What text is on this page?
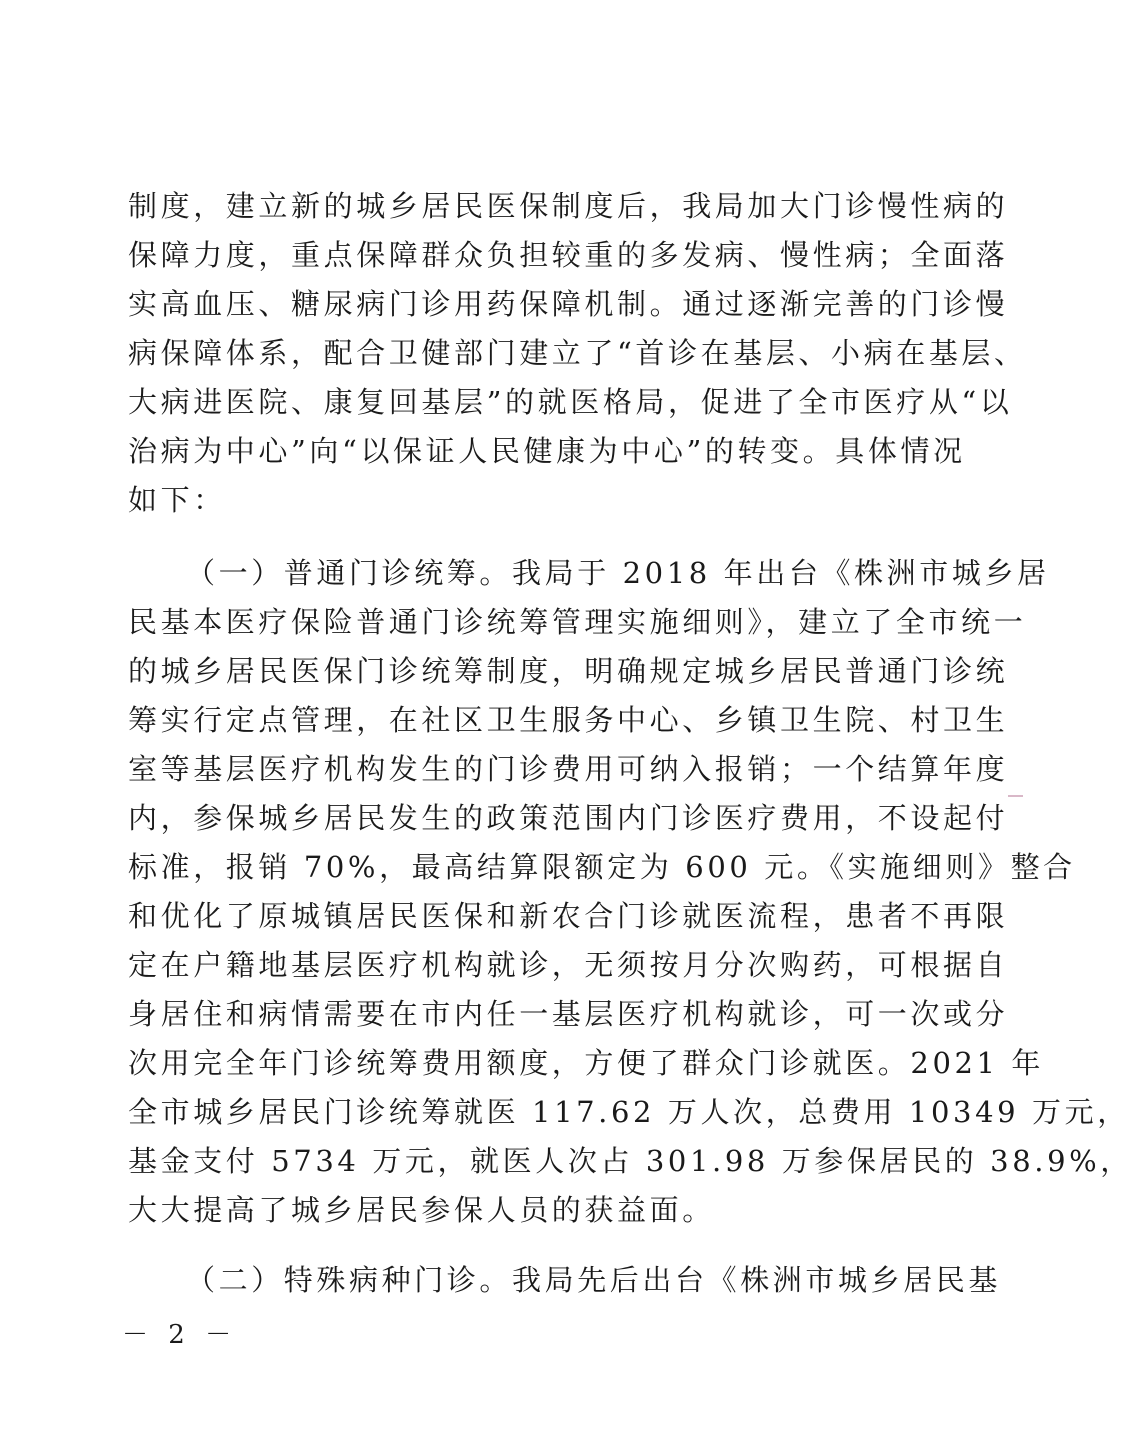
制度，建立新的城乡居民医保制度后，我局加大门诊慢性病的
保障力度，重点保障群众负担较重的多发病、慢性病；全面落
实高血压、糖尿病门诊用药保障机制。通过逐渐完善的门诊慢
病保障体系，配合卫健部门建立了“首诊在基层、小病在基层、
大病进医院、康复回基层”的就医格局，促进了全市医疗从“以
治病为中心”向“以保证人民健康为中心”的转变。具体情况
如下：
（一）普通门诊统筹。我局于 2018 年出台《株洲市城乡居
民基本医疗保险普通门诊统筹管理实施细则》，建立了全市统一
的城乡居民医保门诊统筹制度，明确规定城乡居民普通门诊统
筹实行定点管理，在社区卫生服务中心、乡镇卫生院、村卫生
室等基层医疗机构发生的门诊费用可纳入报销；一个结算年度
内，参保城乡居民发生的政策范围内门诊医疗费用，不设起付
标准，报销 70%，最高结算限额定为 600 元。《实施细则》整合
和优化了原城镇居民医保和新农合门诊就医流程，患者不再限
定在户籍地基层医疗机构就诊，无须按月分次购药，可根据自
身居住和病情需要在市内任一基层医疗机构就诊，可一次或分
次用完全年门诊统筹费用额度，方便了群众门诊就医。2021 年
全市城乡居民门诊统筹就医 117.62 万人次，总费用 10349 万元，
基金支付 5734 万元，就医人次占 301.98 万参保居民的 38.9%，
大大提高了城乡居民参保人员的获益面。
（二）特殊病种门诊。我局先后出台《株洲市城乡居民基
－ 2 －
